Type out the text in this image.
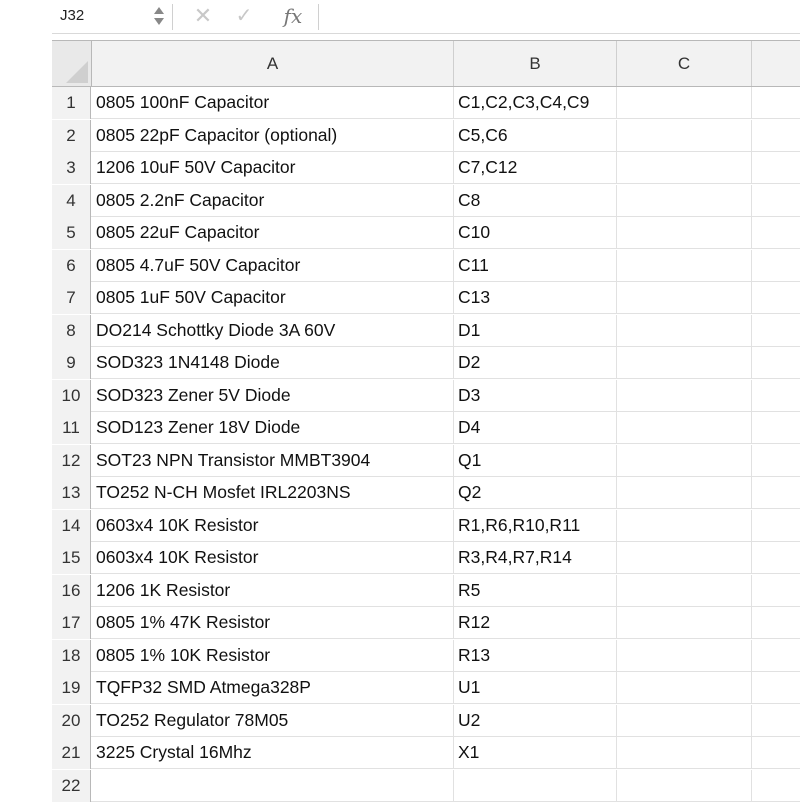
J32	✕ ✓ fx
A	B	C
1	0805 100nF Capacitor	C1,C2,C3,C4,C9
2	0805 22pF Capacitor (optional)	C5,C6
3	1206 10uF 50V Capacitor	C7,C12
4	0805 2.2nF Capacitor	C8
5	0805 22uF Capacitor	C10
6	0805 4.7uF 50V Capacitor	C11
7	0805 1uF 50V Capacitor	C13
8	DO214 Schottky Diode 3A 60V	D1
9	SOD323 1N4148 Diode	D2
10 SOD323 Zener 5V Diode	D3
11 SOD123 Zener 18V Diode	D4
12 SOT23 NPN Transistor MMBT3904	Q1
13 TO252 N-CH Mosfet IRL2203NS	Q2
14 0603x4 10K Resistor	R1,R6,R10,R11
15 0603x4 10K Resistor	R3,R4,R7,R14
16 1206 1K Resistor	R5
17 0805 1% 47K Resistor	R12
18 0805 1% 10K Resistor	R13
19 TQFP32 SMD Atmega328P	U1
20 TO252 Regulator 78M05	U2
21 3225 Crystal 16Mhz	X1
22
